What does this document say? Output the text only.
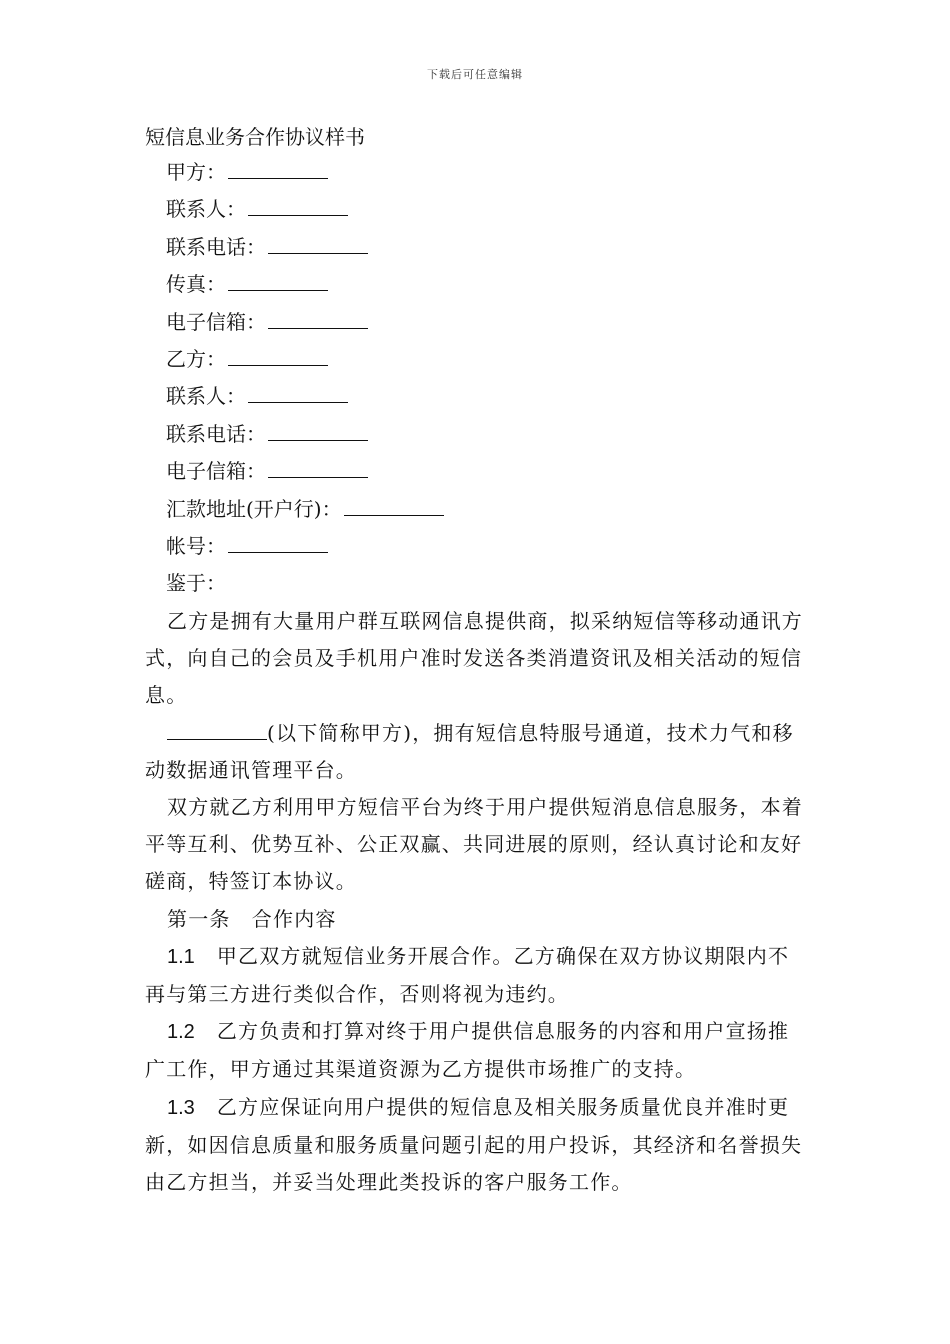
下载后可任意编辑
短信息业务合作协议样书
甲方：
联系人：
联系电话：
传真：
电子信箱：
乙方：
联系人：
联系电话：
电子信箱：
汇款地址(开户行)：
帐号：
鉴于：

乙方是拥有大量用户群互联网信息提供商，拟采纳短信等移动通讯方式，向自己的会员及手机用户准时发送各类消遣资讯及相关活动的短信息。

(以下简称甲方)，拥有短信息特服号通道，技术力气和移动数据通讯管理平台。

双方就乙方利用甲方短信平台为终于用户提供短消息信息服务，本着平等互利、优势互补、公正双赢、共同进展的原则，经认真讨论和友好磋商，特签订本协议。

第一条　合作内容

1.1 甲乙双方就短信业务开展合作。乙方确保在双方协议期限内不再与第三方进行类似合作，否则将视为违约。

1.2 乙方负责和打算对终于用户提供信息服务的内容和用户宣扬推广工作，甲方通过其渠道资源为乙方提供市场推广的支持。

1.3 乙方应保证向用户提供的短信息及相关服务质量优良并准时更新，如因信息质量和服务质量问题引起的用户投诉，其经济和名誉损失由乙方担当，并妥当处理此类投诉的客户服务工作。
